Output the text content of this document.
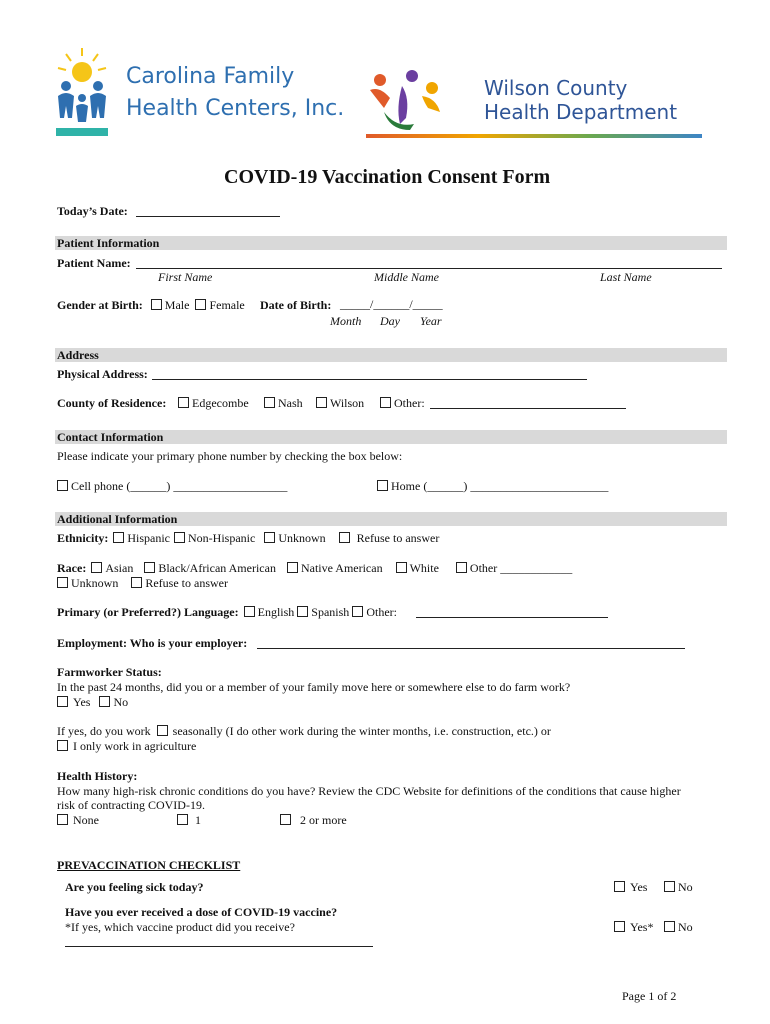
Carolina Family
Health Centers, Inc.
Wilson County
Health Department
COVID-19 Vaccination Consent Form
Today’s Date:
Patient Information
Patient Name:
First Name	Middle Name	Last Name
Gender at Birth: Male Female Date of Birth: _____/______/_____
Month Day Year
Address
Physical Address:
County of Residence:	Edgecombe	Nash	Wilson	Other:
Contact Information
Please indicate your primary phone number by checking the box below:
Cell phone (______) ___________________	Home (______) _______________________
Additional Information
Ethnicity: Hispanic Non-Hispanic Unknown	Refuse to answer
Race: Asian Black/African American Native American White	Other ____________
Unknown Refuse to answer
Primary (or Preferred?) Language: English Spanish Other:
Employment: Who is your employer:
Farmworker Status:
In the past 24 months, did you or a member of your family move here or somewhere else to do farm work?
Yes No
If yes, do you work seasonally (I do other work during the winter months, i.e. construction, etc.) or
I only work in agriculture
Health History:
How many high-risk chronic conditions do you have? Review the CDC Website for definitions of the conditions that cause higher
risk of contracting COVID-19.
None	1	2 or more
PREVACCINATION CHECKLIST
Are you feeling sick today?	Yes	No
Have you ever received a dose of COVID-19 vaccine?
*If yes, which vaccine product did you receive?	Yes*	No
Page 1 of 2
